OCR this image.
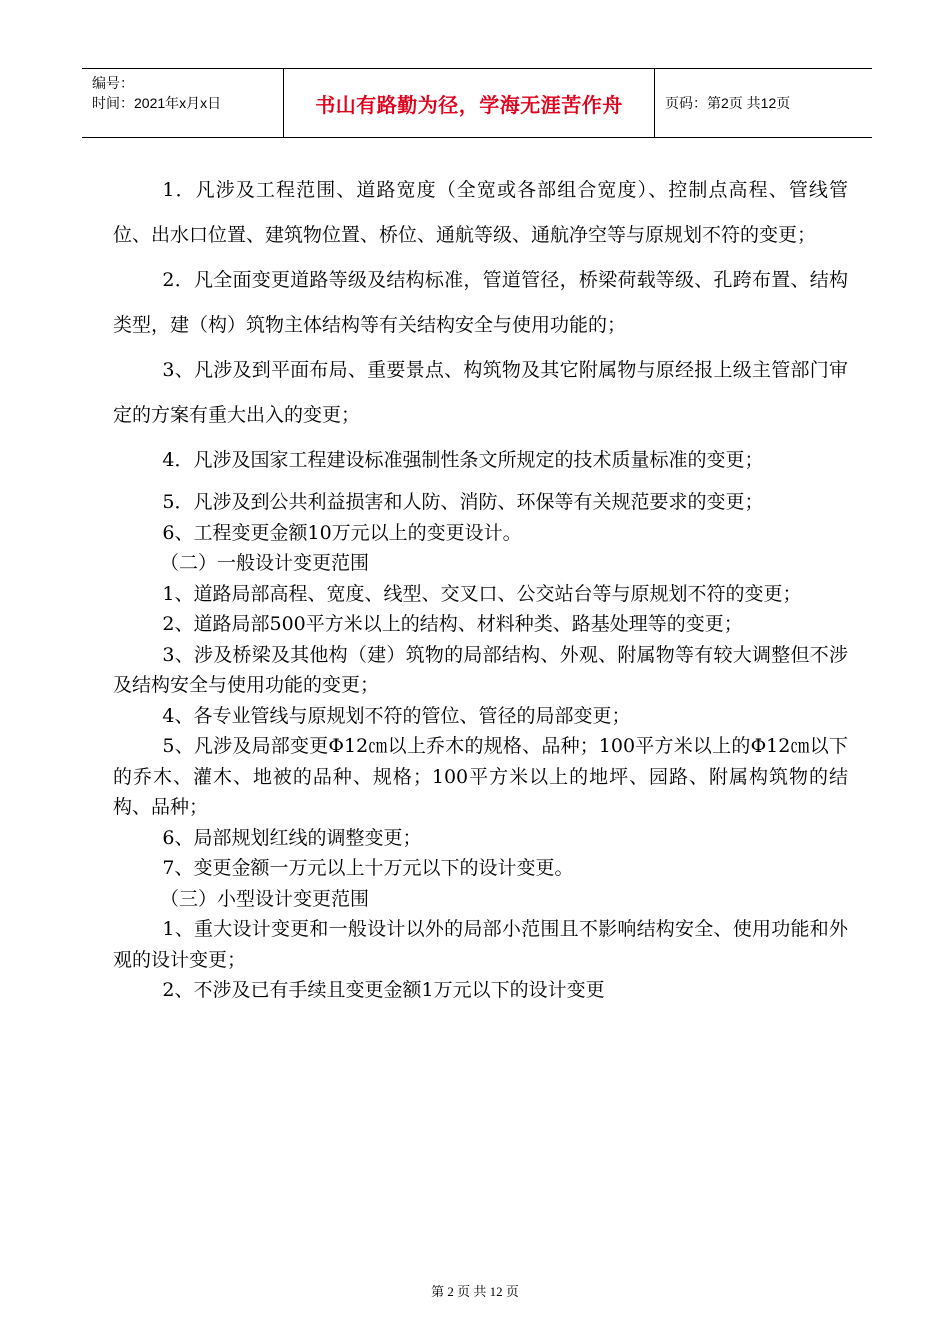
编号：
时间：2021年x月x日	书山有路勤为径，学海无涯苦作舟	页码：第2页 共12页

1．凡涉及工程范围、道路宽度（全宽或各部组合宽度）、控制点高程、管线管位、出水口位置、建筑物位置、桥位、通航等级、通航净空等与原规划不符的变更；

2．凡全面变更道路等级及结构标准，管道管径，桥梁荷载等级、孔跨布置、结构类型，建（构）筑物主体结构等有关结构安全与使用功能的；

3、凡涉及到平面布局、重要景点、构筑物及其它附属物与原经报上级主管部门审定的方案有重大出入的变更；

4．凡涉及国家工程建设标准强制性条文所规定的技术质量标准的变更；

5．凡涉及到公共利益损害和人防、消防、环保等有关规范要求的变更；

6、工程变更金额10万元以上的变更设计。

（二）一般设计变更范围

1、道路局部高程、宽度、线型、交叉口、公交站台等与原规划不符的变更；

2、道路局部500平方米以上的结构、材料种类、路基处理等的变更；

3、涉及桥梁及其他构（建）筑物的局部结构、外观、附属物等有较大调整但不涉及结构安全与使用功能的变更；

4、各专业管线与原规划不符的管位、管径的局部变更；

5、凡涉及局部变更Φ12㎝以上乔木的规格、品种；100平方米以上的Φ12㎝以下的乔木、灌木、地被的品种、规格；100平方米以上的地坪、园路、附属构筑物的结构、品种；

6、局部规划红线的调整变更；

7、变更金额一万元以上十万元以下的设计变更。

（三）小型设计变更范围

1、重大设计变更和一般设计以外的局部小范围且不影响结构安全、使用功能和外观的设计变更；

2、不涉及已有手续且变更金额1万元以下的设计变更

第 2 页 共 12 页
